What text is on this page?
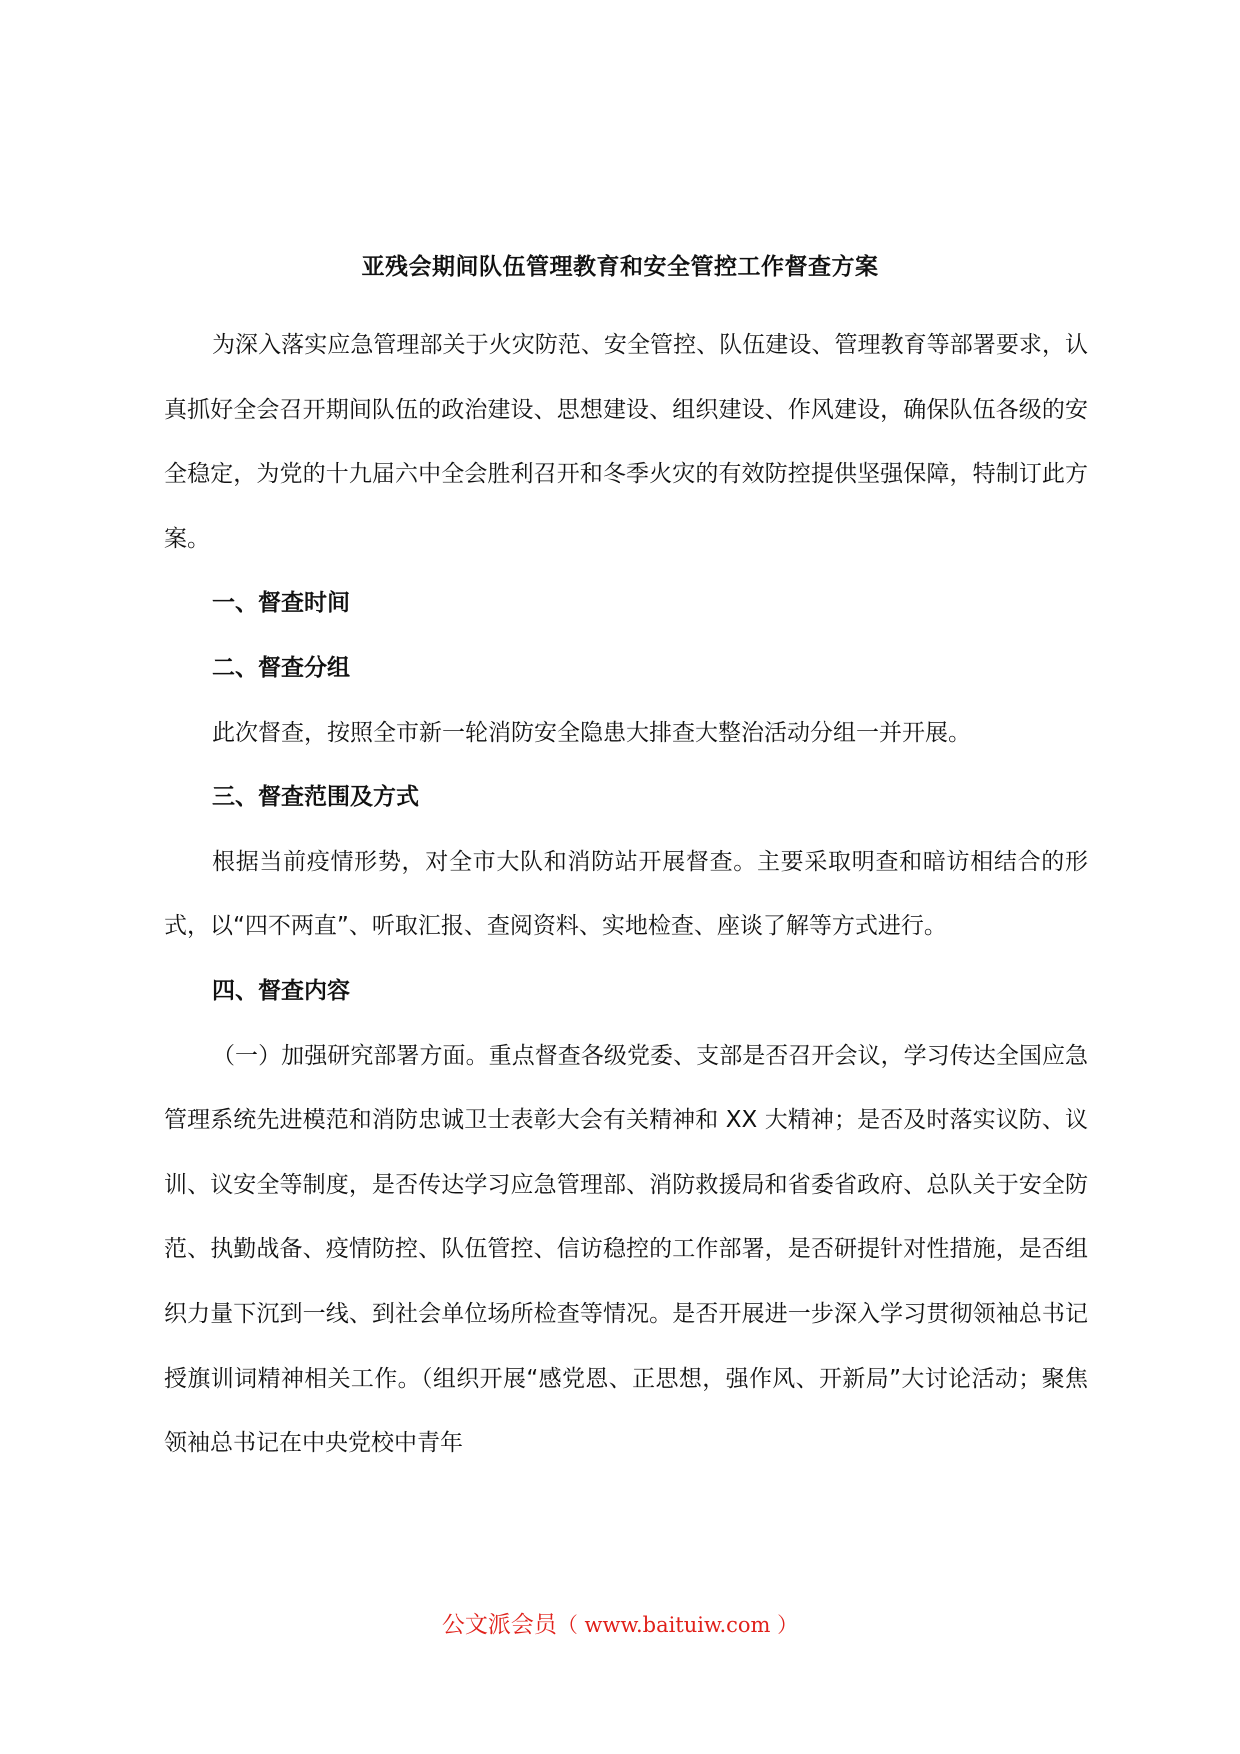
亚残会期间队伍管理教育和安全管控工作督查方案

为深入落实应急管理部关于火灾防范、安全管控、队伍建设、管理教育等部署要求，认真抓好全会召开期间队伍的政治建设、思想建设、组织建设、作风建设，确保队伍各级的安全稳定，为党的十九届六中全会胜利召开和冬季火灾的有效防控提供坚强保障，特制订此方案。

一、督查时间

二、督查分组

此次督查，按照全市新一轮消防安全隐患大排查大整治活动分组一并开展。

三、督查范围及方式

根据当前疫情形势，对全市大队和消防站开展督查。主要采取明查和暗访相结合的形式，以“四不两直”、听取汇报、查阅资料、实地检查、座谈了解等方式进行。

四、督查内容

（一）加强研究部署方面。重点督查各级党委、支部是否召开会议，学习传达全国应急管理系统先进模范和消防忠诚卫士表彰大会有关精神和 XX 大精神；是否及时落实议防、议训、议安全等制度，是否传达学习应急管理部、消防救援局和省委省政府、总队关于安全防范、执勤战备、疫情防控、队伍管控、信访稳控的工作部署，是否研提针对性措施，是否组织力量下沉到一线、到社会单位场所检查等情况。是否开展进一步深入学习贯彻领袖总书记授旗训词精神相关工作。（组织开展“感党恩、正思想，强作风、开新局”大讨论活动；聚焦领袖总书记在中央党校中青年

公文派会员（ www.baituiw.com ）
